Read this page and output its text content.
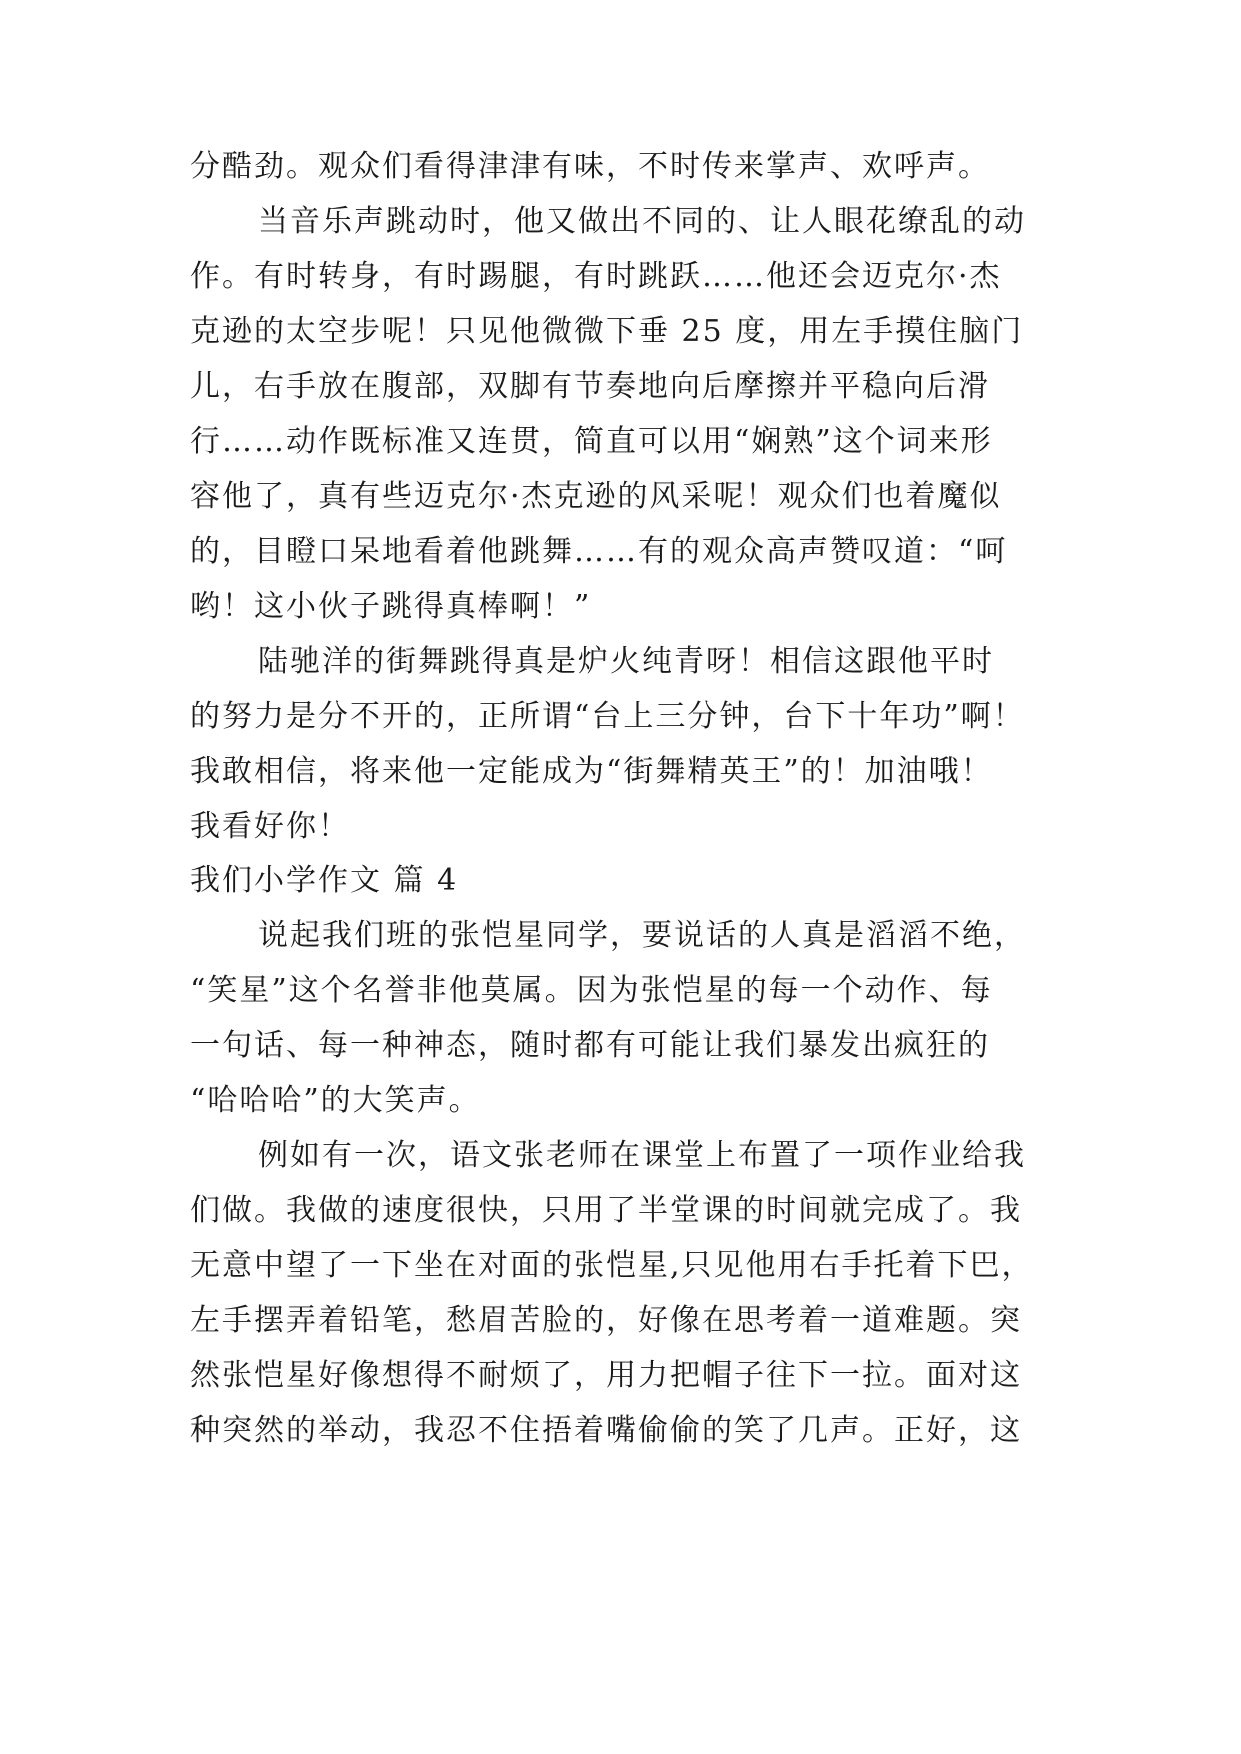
分酷劲。观众们看得津津有味，不时传来掌声、欢呼声。
当音乐声跳动时，他又做出不同的、让人眼花缭乱的动
作。有时转身，有时踢腿，有时跳跃……他还会迈克尔·杰
克逊的太空步呢！只见他微微下垂 25 度，用左手摸住脑门
儿，右手放在腹部，双脚有节奏地向后摩擦并平稳向后滑
行……动作既标准又连贯，简直可以用“娴熟”这个词来形
容他了，真有些迈克尔·杰克逊的风采呢！观众们也着魔似
的，目瞪口呆地看着他跳舞……有的观众高声赞叹道：“呵
哟！这小伙子跳得真棒啊！”
陆驰洋的街舞跳得真是炉火纯青呀！相信这跟他平时
的努力是分不开的，正所谓“台上三分钟，台下十年功”啊！
我敢相信，将来他一定能成为“街舞精英王”的！加油哦！
我看好你！
我们小学作文 篇 4
说起我们班的张恺星同学，要说话的人真是滔滔不绝，
“笑星”这个名誉非他莫属。因为张恺星的每一个动作、每
一句话、每一种神态，随时都有可能让我们暴发出疯狂的
“哈哈哈”的大笑声。
例如有一次，语文张老师在课堂上布置了一项作业给我
们做。我做的速度很快，只用了半堂课的时间就完成了。我
无意中望了一下坐在对面的张恺星,只见他用右手托着下巴，
左手摆弄着铅笔，愁眉苦脸的，好像在思考着一道难题。突
然张恺星好像想得不耐烦了，用力把帽子往下一拉。面对这
种突然的举动，我忍不住捂着嘴偷偷的笑了几声。正好，这
